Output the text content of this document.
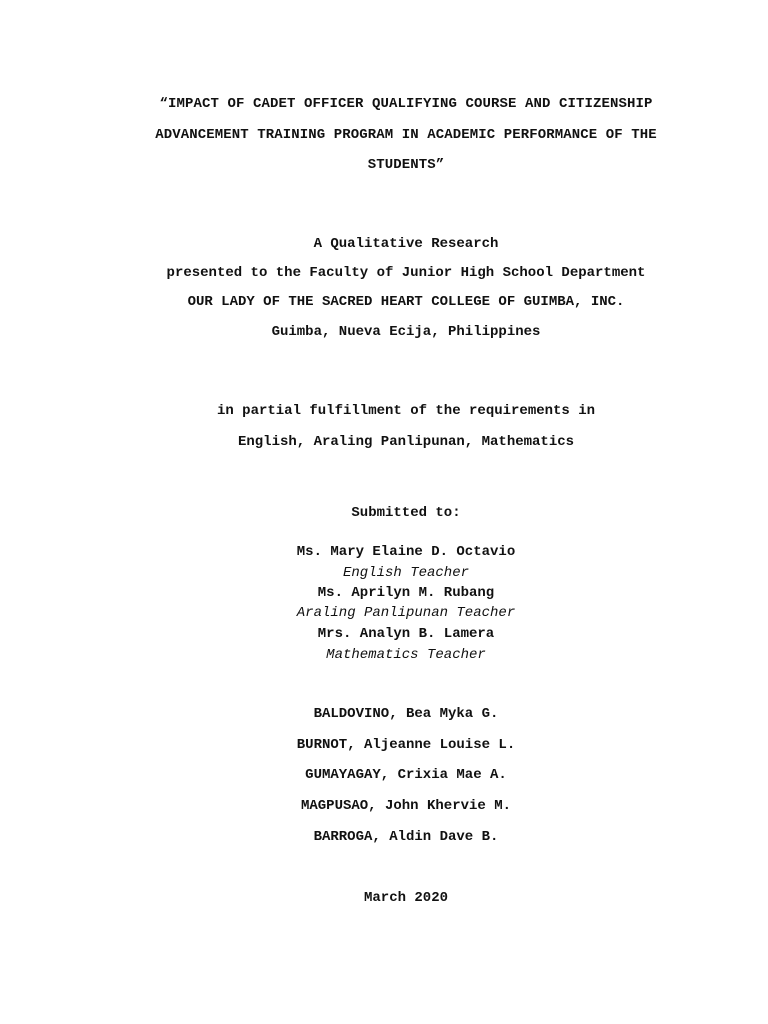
“IMPACT OF CADET OFFICER QUALIFYING COURSE AND CITIZENSHIP
ADVANCEMENT TRAINING PROGRAM IN ACADEMIC PERFORMANCE OF THE
STUDENTS”
A Qualitative Research
presented to the Faculty of Junior High School Department
OUR LADY OF THE SACRED HEART COLLEGE OF GUIMBA, INC.
Guimba, Nueva Ecija, Philippines
in partial fulfillment of the requirements in
English, Araling Panlipunan, Mathematics
Submitted to:
Ms. Mary Elaine D. Octavio
English Teacher
Ms. Aprilyn M. Rubang
Araling Panlipunan Teacher
Mrs. Analyn B. Lamera
Mathematics Teacher
BALDOVINO, Bea Myka G.
BURNOT, Aljeanne Louise L.
GUMAYAGAY, Crixia Mae A.
MAGPUSAO, John Khervie M.
BARROGA, Aldin Dave B.
March 2020
